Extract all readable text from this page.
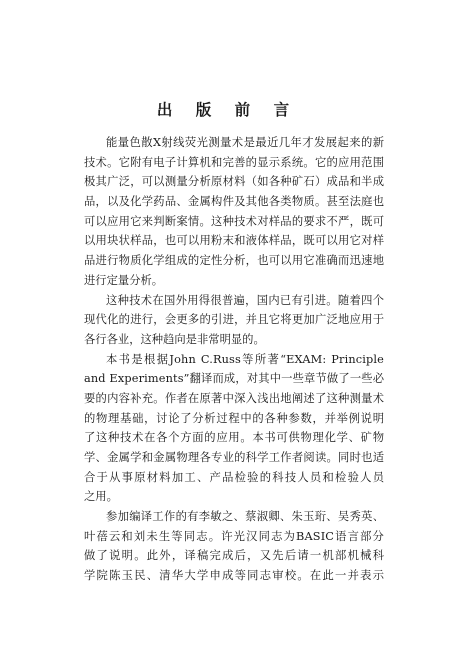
出 版 前 言

能量色散X射线荧光测量术是最近几年才发展起来的新
技术。它附有电子计算机和完善的显示系统。它的应用范围
极其广泛，可以测量分析原材料（如各种矿石）成品和半成
品，以及化学药品、金属构件及其他各类物质。甚至法庭也
可以应用它来判断案情。这种技术对样品的要求不严，既可
以用块状样品，也可以用粉末和液体样品，既可以用它对样
品进行物质化学组成的定性分析，也可以用它准确而迅速地
进行定量分析。

这种技术在国外用得很普遍，国内已有引进。随着四个
现代化的进行，会更多的引进，并且它将更加广泛地应用于
各行各业，这种趋向是非常明显的。

本书是根据John C.Russ等所著“EXAM: Principle
and Experiments”翻译而成，对其中一些章节做了一些必
要的内容补充。作者在原著中深入浅出地阐述了这种测量术
的物理基础，讨论了分析过程中的各种参数，并举例说明
了这种技术在各个方面的应用。本书可供物理化学、矿物
学、金属学和金属物理各专业的科学工作者阅读。同时也适
合于从事原材料加工、产品检验的科技人员和检验人员
之用。

参加编译工作的有李敏之、蔡淑卿、朱玉珩、吴秀英、
叶蓓云和刘未生等同志。许光汉同志为BASIC语言部分
做了说明。此外，译稿完成后，又先后请一机部机械科
学院陈玉民、清华大学申成等同志审校。在此一并表示
